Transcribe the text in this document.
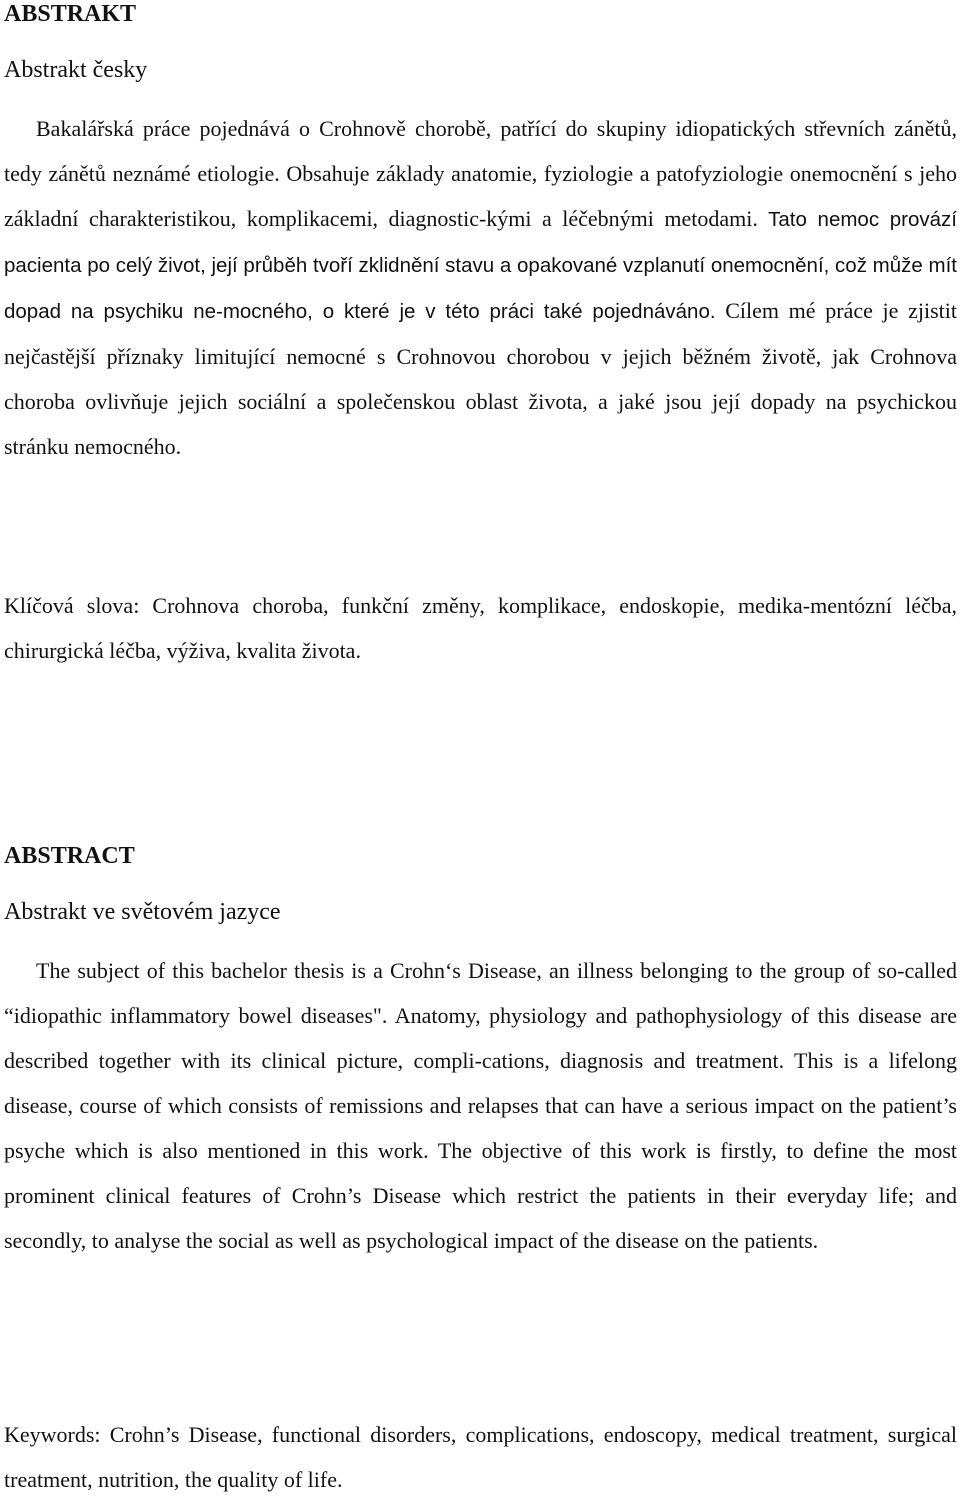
ABSTRAKT
Abstrakt česky

Bakalářská práce pojednává o Crohnově chorobě, patřící do skupiny idiopatických střevních zánětů, tedy zánětů neznámé etiologie. Obsahuje základy anatomie, fyziologie a patofyziologie onemocnění s jeho základní charakteristikou, komplikacemi, diagnostic-kými a léčebnými metodami. Tato nemoc provází pacienta po celý život, její průběh tvoří zklidnění stavu a opakované vzplanutí onemocnění, což může mít dopad na psychiku ne-mocného, o které je v této práci také pojednáváno. Cílem mé práce je zjistit nejčastější příznaky limitující nemocné s Crohnovou chorobou v jejich běžném životě, jak Crohnova choroba ovlivňuje jejich sociální a společenskou oblast života, a jaké jsou její dopady na psychickou stránku nemocného.

Klíčová slova: Crohnova choroba, funkční změny, komplikace, endoskopie, medika-mentózní léčba, chirurgická léčba, výživa, kvalita života.

ABSTRACT
Abstrakt ve světovém jazyce

The subject of this bachelor thesis is a Crohn‘s Disease, an illness belonging to the group of so-called “idiopathic inflammatory bowel diseases". Anatomy, physiology and pathophysiology of this disease are described together with its clinical picture, compli-cations, diagnosis and treatment. This is a lifelong disease, course of which consists of remissions and relapses that can have a serious impact on the patient’s psyche which is also mentioned in this work. The objective of this work is firstly, to define the most prominent clinical features of Crohn’s Disease which restrict the patients in their everyday life; and secondly, to analyse the social as well as psychological impact of the disease on the patients.

Keywords: Crohn’s Disease, functional disorders, complications, endoscopy, medical treatment, surgical treatment, nutrition, the quality of life.
